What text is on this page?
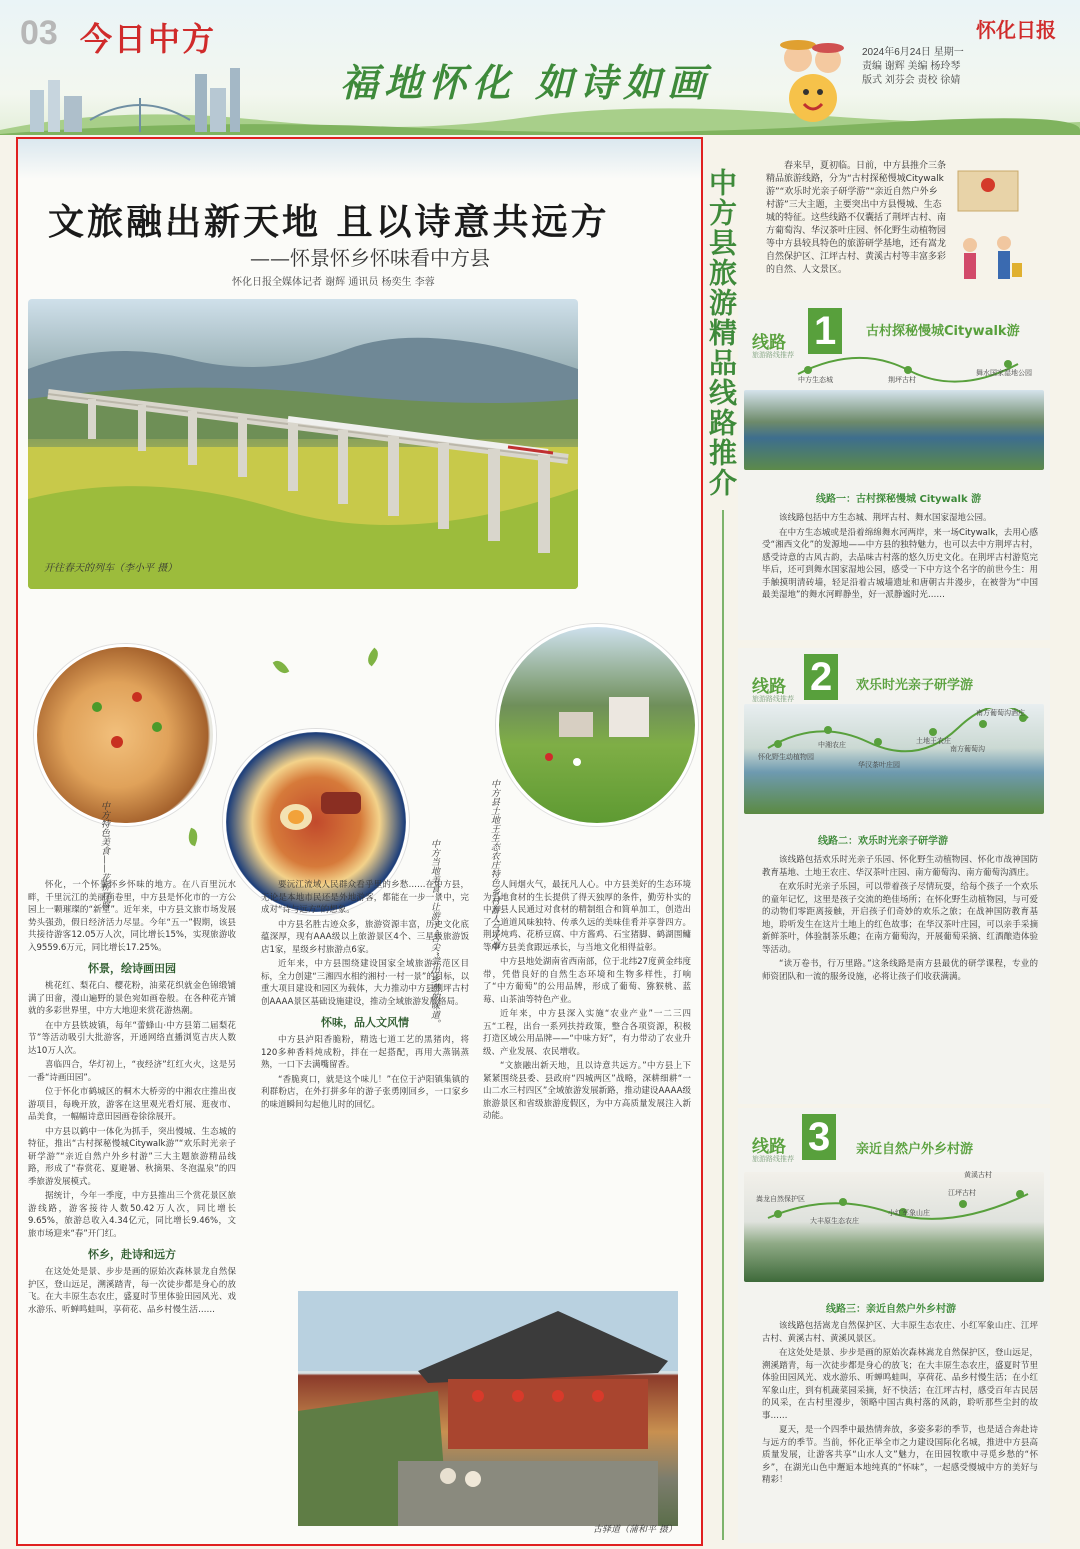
03 今日中方
福地怀化 如诗如画
怀化日报
2024年6月24日 星期一
责编 谢辉 美编 杨玲琴
版式 刘芬会 责校 徐婧
文旅融出新天地 且以诗意共远方
——怀景怀乡怀味看中方县
怀化日报全媒体记者 谢辉 通讯员 杨奕生 李蓉
开往春天的列车（李小平 摄）
中方特色美食——花桥豆腐	中方当地美食，让游子“舌尖”尝出乡愁的味道。	中方县土地王生态农庄特色乡村游人气火爆

怀化，一个怀景怀乡怀味的地方。在八百里沅水畔，千里沅江的美丽画卷里，中方县是怀化市的一方公园上一颗璀璨的“新星”。近年来，中方县文旅市场发展势头强劲，假日经济活力尽显。今年“五一”假期，该县共接待游客12.05万人次，同比增长15%，实现旅游收入9559.6万元，同比增长17.25%。

怀景，绘诗画田园

桃花红、梨花白、樱花粉，油菜花织就金色锦缎铺满了田畲，漫山遍野的景色宛如画卷般。在各种花卉铺就的多彩世界里，中方大地迎来赏花游热潮。

在中方县铁坡镇，每年“蕾蜂山·中方县第二届梨花节”等活动吸引大批游客，开通网络直播浏览吉庆人数达10万人次。

喜临四合，华灯初上，“夜经济”红红火火，这是另一番“诗画田园”。

位于怀化市鹤城区的桐木大桥旁的中湘农庄推出夜游项目，每晚开放，游客在这里观光看灯展、逛夜市、品美食，一幅幅诗意田园画卷徐徐展开。

中方县以鹤中一体化为抓手，突出慢城、生态城的特征，推出“古村探秘慢城Citywalk游”“欢乐时光亲子研学游”“亲近自然户外乡村游”三大主题旅游精品线路，形成了“春赏花、夏避暑、秋摘果、冬泡温泉”的四季旅游发展模式。

据统计，今年一季度，中方县推出三个赏花景区旅游线路，游客接待人数50.42万人次，同比增长9.65%，旅游总收入4.34亿元，同比增长9.46%，文旅市场迎来“春”开门红。

怀乡，赴诗和远方

在这处处是景、步步是画的原始次森林景龙自然保护区，登山远足，溯溪踏青，每一次徒步都是身心的放飞。在大丰原生态农庄，盛夏时节里体验田园风光、戏水游乐、听蝉鸣蛙叫，享荷花、品乡村慢生活……

要沅江流域人民群众看乎里的乡愁……在中方县，无论是本地市民还是外地游客，都能在一步一景中，完成对“诗与远方”的想象。

中方县名胜古迹众多，旅游资源丰富，历史文化底蕴深厚，现有AAA级以上旅游景区4个、三星级旅游饭店1家，星级乡村旅游点6家。

近年来，中方县围绕建设国家全域旅游示范区目标，全力创建“三湘四水相约湘村·一村一景”的目标，以重大项目建设和园区为载体，大力推动中方县荆坪古村创AAAA景区基础设施建设，推动全域旅游发展格局。

怀味，品人文风情

中方县泸阳香脆粉，精选七道工艺的黑猪肉，将120多种香料炖成粉，拌在一起搭配，再用大蒸锅蒸熟，一口下去满嘴留香。

“香脆爽口，就是这个味儿！”在位于泸阳镇集镇的利群粉店，在外打拼多年的游子张勇刚回乡，一口家乡的味道瞬间勾起他儿时的回忆。

人间烟火气，最抚凡人心。中方县美好的生态环境为当地食材的生长提供了得天独厚的条件，勤劳朴实的中方县人民通过对食材的精制组合和简单加工，创造出了一道道风味独特、传承久远的美味佳肴并享誉四方。荆坪炖鸡、花桥豆腐、中方酱鸡、石宝猪脚、鹤湖围鳙等中方县美食跟远承长，与当地文化相得益彰。

中方县地处湖南省西南部，位于北纬27度黄金纬度带，凭借良好的自然生态环境和生物多样性，打响了“中方葡萄”的公用品牌，形成了葡萄、猕猴桃、蓝莓、山茶油等特色产业。

近年来，中方县深入实施“农业产业”一二三四五“工程，出台一系列扶持政策，整合各项资源，积极打造区域公用品牌——“中味方好”，有力带动了农业升级、产业发展、农民增收。

“文旅融出新天地，且以诗意共远方。”中方县上下紧紧围绕县委、县政府“四城两区”战略，深耕细耕“一山二水三村四区”全域旅游发展新路，推动建设AAAA级旅游景区和省级旅游度假区，为中方高质量发展注入新动能。

古驿道（蒲和平 摄）
中方县旅游精品线路推介
春来早，夏初临。日前，中方县推介三条精品旅游线路，分为“古村探秘慢城Citywalk游”“欢乐时光亲子研学游”“亲近自然户外乡村游”三大主题，主要突出中方县慢城、生态城的特征。这些线路不仅囊括了荆坪古村、南方葡萄沟、华汉茶叶庄园、怀化野生动植物园等中方县较具特色的旅游研学基地，还有嵩龙自然保护区、江坪古村、黄溪古村等丰富多彩的自然、人文景区。
线路
旅游路线推荐
1	古村探秘慢城Citywalk游
中方生态城	荆坪古村
舞水国家湿地公园
线路一：古村探秘慢城 Citywalk 游

该线路包括中方生态城、荆坪古村、舞水国家湿地公园。

在中方生态城或是沿着绵绵舞水河两岸，来一场Citywalk，去用心感受“湘西文化”的发源地——中方县的独特魅力，也可以去中方荆坪古村，感受诗意的古风古韵，去品味古村落的悠久历史文化。在荆坪古村游览完毕后，还可到舞水国家湿地公园，感受一下中方这个名字的前世今生：用手触摸明清砖墙，轻足沿着古城墙遗址和唐朝古井漫步，在被誉为“中国最美湿地”的舞水河畔静坐，好一派静谧时光……

线路
旅游路线推荐 2	欢乐时光亲子研学游
怀化野生动植物园
中湘农庄
华汉茶叶庄园
土地王农庄
南方葡萄沟
南方葡萄沟酒庄
线路二：欢乐时光亲子研学游

该线路包括欢乐时光亲子乐园、怀化野生动植物园、怀化市战神国防教育基地、土地王农庄、华汉茶叶庄园、南方葡萄沟、南方葡萄沟酒庄。

在欢乐时光亲子乐园，可以带着孩子尽情玩耍，给每个孩子一个欢乐的童年记忆，这里是孩子交流的绝佳场所；在怀化野生动植物园，与可爱的动物们零距离接触，开启孩子们奇妙的欢乐之旅；在战神国防教育基地，聆听发生在这片土地上的红色故事；在华汉茶叶庄园，可以亲手采摘新鲜茶叶，体验制茶乐趣；在南方葡萄沟，开展葡萄采摘、红酒酿造体验等活动。

“读万卷书，行万里路。”这条线路是南方县最优的研学课程，专业的师资团队和一流的服务设施，必将让孩子们收获满满。

线路
旅游路线推荐 3	亲近自然户外乡村游
黄溪古村
大丰原生态农庄
小红军象山庄
江坪古村
嵩龙自然保护区
线路三：亲近自然户外乡村游

该线路包括嵩龙自然保护区、大丰原生态农庄、小红军象山庄、江坪古村、黄溪古村、黄溪风景区。

在这处处是景、步步是画的原始次森林嵩龙自然保护区，登山远足，溯溪踏青，每一次徒步都是身心的放飞；在大丰原生态农庄，盛夏时节里体验田园风光、戏水游乐、听蝉鸣蛙叫，享荷花、品乡村慢生活；在小红军象山庄，到有机蔬菜园采摘，好不快活；在江坪古村，感受百年古民居的风采，在古村里漫步，领略中国古典村落的风韵，聆听那些尘封的故事……

夏天，是一个四季中最热情奔放，多姿多彩的季节，也是适合奔赴诗与远方的季节。当前，怀化正举全市之力建设国际化名城，推进中方县高质量发展，让游客共享“山水人文”魅力，在田园牧歌中寻觅乡愁的“怀乡”，在湖光山色中邂逅本地纯真的“怀味”，一起感受慢城中方的美好与精彩！
